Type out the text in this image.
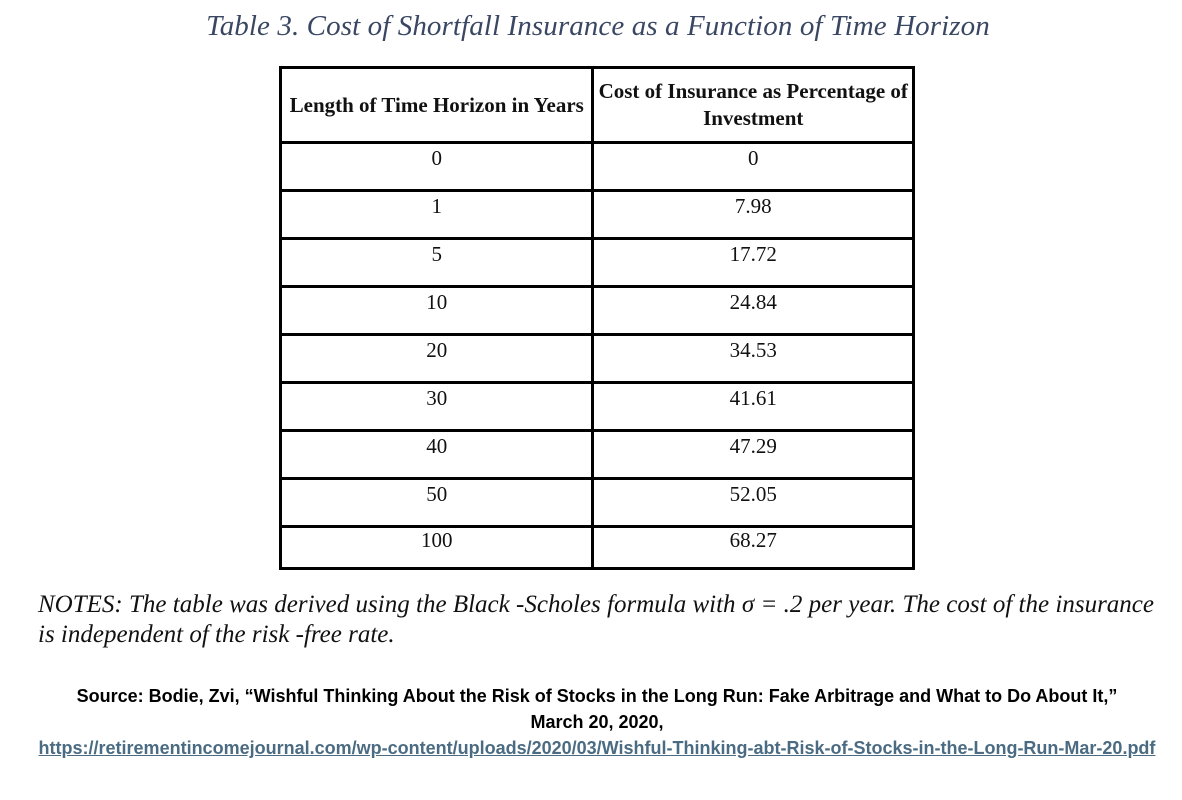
Table 3. Cost of Shortfall Insurance as a Function of Time Horizon
Length of Time Horizon in Years	Cost of Insurance as Percentage of Investment
0	0
1	7.98
5	17.72
10	24.84
20	34.53
30	41.61
40	47.29
50	52.05
100	68.27
NOTES: The table was derived using the Black -Scholes formula with σ = .2 per year. The cost of the insurance is independent of the risk -free rate.
Source: Bodie, Zvi, “Wishful Thinking About the Risk of Stocks in the Long Run: Fake Arbitrage and What to Do About It,”
March 20, 2020,
https://retirementincomejournal.com/wp-content/uploads/2020/03/Wishful-Thinking-abt-Risk-of-Stocks-in-the-Long-Run-Mar-20.pdf
